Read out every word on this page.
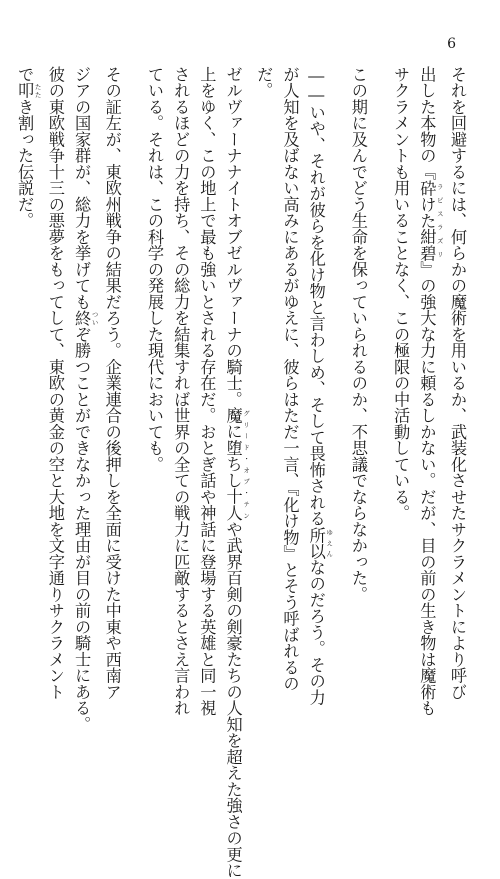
6

それを回避するには、何らかの魔術を用いるか、武装化させたサクラメントにより呼び

出した本物の『砕けた紺碧 ラピスラズリ』の強大な力に頼るしかない。だが、目の前の生き物は魔術も

サクラメントも用いることなく、この極限の中活動している。

この期に及んでどう生命を保っていられるのか、不思議でならなかった。

――いや、それが彼らを化け物と言わしめ、そして畏怖される所以 ゆえんなのだろう。その力

が人知を及ばない高みにあるがゆえに、彼らはただ一言、『化け物』とそう呼ばれるの

だ。

ゼルヴァーナナイトオブゼルヴァーナの騎士。魔に堕ちし十人 グリード・オブ・テンや武界百剣の剣豪たちの人知を超えた強さの更に

上をゆく、この地上で最も強いとされる存在だ。おとぎ話や神話に登場する英雄と同一視

されるほどの力を持ち、その総力を結集すれば世界の全ての戦力に匹敵するとさえ言われ

ている。それは、この科学の発展した現代においても。

その証左が、東欧州戦争の結果だろう。企業連合の後押しを全面に受けた中東や西南ア

ジアの国家群が、総力を挙げても終 ついぞ勝つことができなかった理由が目の前の騎士にある。

彼の東欧戦争十三の悪夢をもってして、東欧の黄金の空と大地を文字通りサクラメント

で叩 たたき割った伝説だ。
